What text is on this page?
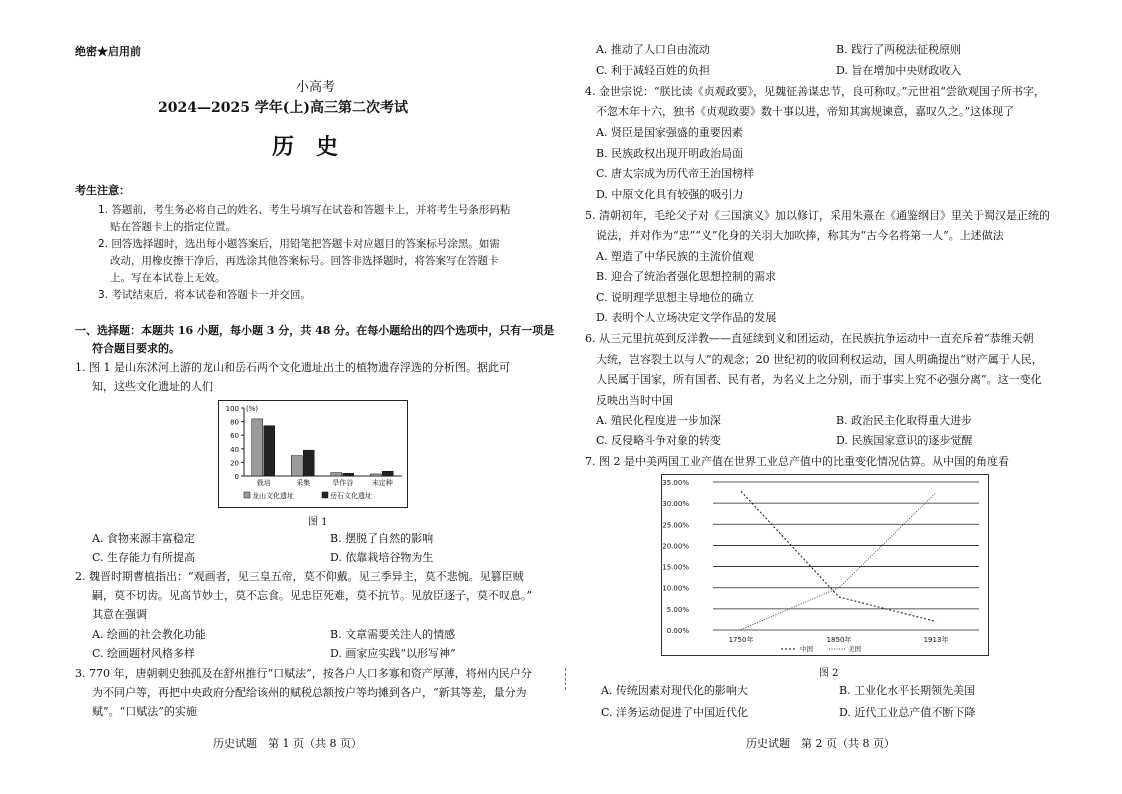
绝密★启用前
小高考
2024—2025 学年(上)高三第二次考试
历　史
考生注意：
1. 答题前，考生务必将自己的姓名、考生号填写在试卷和答题卡上，并将考生号条形码粘
贴在答题卡上的指定位置。
2. 回答选择题时，选出每小题答案后，用铅笔把答题卡对应题目的答案标号涂黑。如需
改动，用橡皮擦干净后，再选涂其他答案标号。回答非选择题时，将答案写在答题卡
上。写在本试卷上无效。
3. 考试结束后，将本试卷和答题卡一并交回。
一、选择题：本题共 16 小题，每小题 3 分，共 48 分。在每小题给出的四个选项中，只有一项是
符合题目要求的。
1. 图 1 是山东沭河上游的龙山和岳石两个文化遗址出土的植物遗存浮选的分析图。据此可
知，这些文化遗址的人们
0
20
40
60
80
100 (%)
栽培	采集	旱作谷	未定种
龙山文化遗址	岳石文化遗址
图 1
A. 食物来源丰富稳定	B. 摆脱了自然的影响
C. 生存能力有所提高	D. 依靠栽培谷物为生
2. 魏晋时期曹植指出：“观画者，见三皇五帝，莫不仰戴。见三季异主，莫不悲惋。见篡臣贼
嗣，莫不切齿。见高节妙士，莫不忘食。见忠臣死难，莫不抗节。见放臣逐子，莫不叹息。”
其意在强调
A. 绘画的社会教化功能	B. 文章需要关注人的情感
C. 绘画题材风格多样	D. 画家应实践“以形写神”
3. 770 年，唐朝刺史独孤及在舒州推行“口赋法”，按各户人口多寡和资产厚薄，将州内民户分
为不同户等，再把中央政府分配给该州的赋税总额按户等均摊到各户，“新其等差，量分为
赋”。“口赋法”的实施
历史试题　第 1 页（共 8 页）
A. 推动了人口自由流动	B. 践行了两税法征税原则
C. 利于减轻百姓的负担	D. 旨在增加中央财政收入
4. 金世宗说：“朕比读《贞观政要》，见魏征善谋忠节，良可称叹。”元世祖“尝欲观国子所书字，
不忽木年十六，独书《贞观政要》数十事以进，帝知其寓规谏意，嘉叹久之。”这体现了
A. 贤臣是国家强盛的重要因素
B. 民族政权出现开明政治局面
C. 唐太宗成为历代帝王治国榜样
D. 中原文化具有较强的吸引力
5. 清朝初年，毛纶父子对《三国演义》加以修订，采用朱熹在《通鉴纲目》里关于蜀汉是正统的
说法，并对作为“忠”“义”化身的关羽大加吹捧，称其为“古今名将第一人”。上述做法
A. 塑造了中华民族的主流价值观
B. 迎合了统治者强化思想控制的需求
C. 说明理学思想主导地位的确立
D. 表明个人立场决定文学作品的发展
6. 从三元里抗英到反洋教——直延续到义和团运动，在民族抗争运动中一直充斥着“恭维天朝
大统，岂容裂土以与人”的观念；20 世纪初的收回利权运动，国人明确提出“财产属于人民，
人民属于国家，所有国者、民有者，为名义上之分别，而于事实上究不必强分离”。这一变化
反映出当时中国
A. 殖民化程度进一步加深	B. 政治民主化取得重大进步
C. 反侵略斗争对象的转变	D. 民族国家意识的逐步觉醒
7. 图 2 是中美两国工业产值在世界工业总产值中的比重变化情况估算。从中国的角度看
0.00%
5.00%
10.00%
15.00%
20.00%
25.00%
30.00%
35.00%
1750年	1850年	1913年
中国	美国
图 2
A. 传统因素对现代化的影响大	B. 工业化水平长期领先美国
C. 洋务运动促进了中国近代化	D. 近代工业总产值不断下降
历史试题　第 2 页（共 8 页）
